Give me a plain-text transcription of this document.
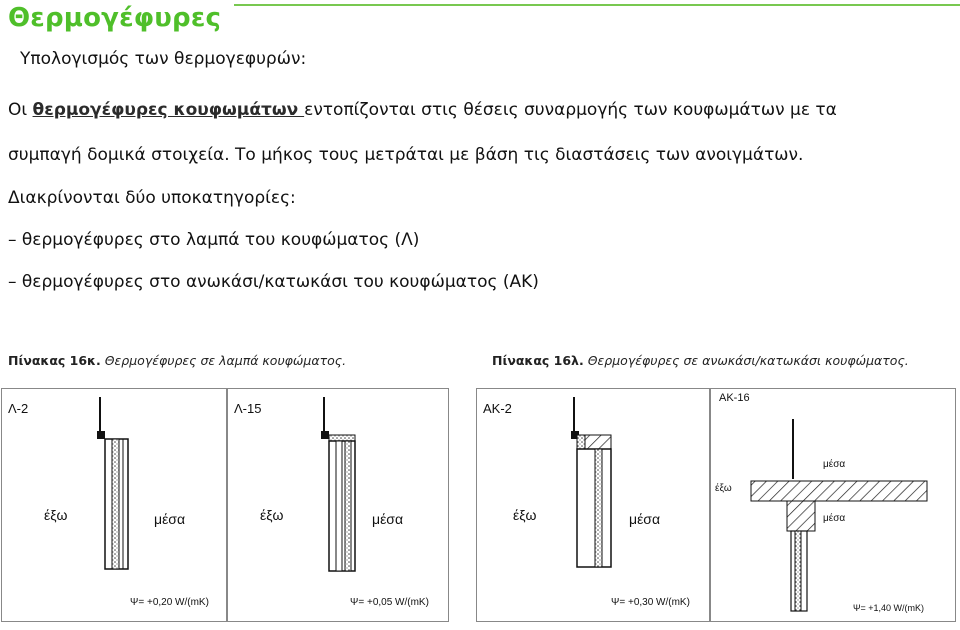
Θερμογέφυρες
Υπολογισμός των θερμογεφυρών:
Οι θερμογέφυρες κουφωμάτων εντοπίζονται στις θέσεις συναρμογής των κουφωμάτων με τα
συμπαγή δομικά στοιχεία. Το μήκος τους μετράται με βάση τις διαστάσεις των ανοιγμάτων.
Διακρίνονται δύο υποκατηγορίες:
– θερμογέφυρες στο λαμπά του κουφώματος (Λ)
– θερμογέφυρες στο ανωκάσι/κατωκάσι του κουφώματος (ΑΚ)
Πίνακας 16κ. Θερμογέφυρες σε λαμπά κουφώματος.	Πίνακας 16λ. Θερμογέφυρες σε ανωκάσι/κατωκάσι κουφώματος.
Λ-2
έξω	μέσα
Ψ= +0,20 W/(mK)
Λ-15
έξω	μέσα
Ψ= +0,05 W/(mK)
ΑΚ-2
έξω	μέσα
Ψ= +0,30 W/(mK)
ΑΚ-16
μέσα
έξω
μέσα
Ψ= +1,40 W/(mK)
